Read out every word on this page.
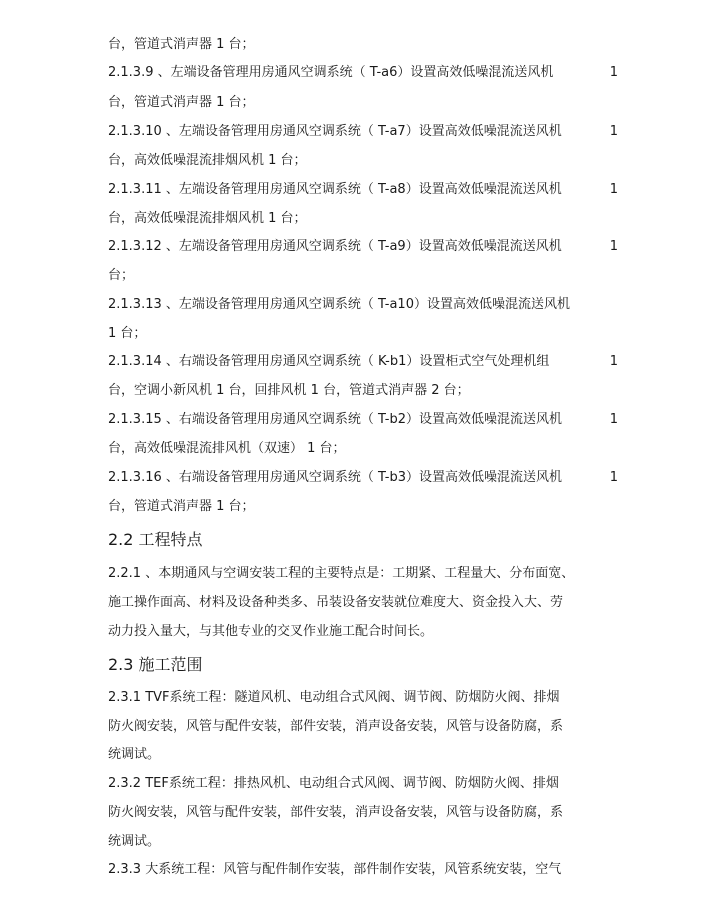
台，管道式消声器 1 台；
2.1.3.9 、左端设备管理用房通风空调系统（ T-a6）设置高效低噪混流送风机	1
台，管道式消声器 1 台；
2.1.3.10 、左端设备管理用房通风空调系统（ T-a7）设置高效低噪混流送风机	1
台，高效低噪混流排烟风机 1 台；
2.1.3.11 、左端设备管理用房通风空调系统（ T-a8）设置高效低噪混流送风机	1
台，高效低噪混流排烟风机 1 台；
2.1.3.12 、左端设备管理用房通风空调系统（ T-a9）设置高效低噪混流送风机	1
台；
2.1.3.13 、左端设备管理用房通风空调系统（ T-a10）设置高效低噪混流送风机
1 台；
2.1.3.14 、右端设备管理用房通风空调系统（ K-b1）设置柜式空气处理机组	1
台，空调小新风机 1 台，回排风机 1 台，管道式消声器 2 台；
2.1.3.15 、右端设备管理用房通风空调系统（ T-b2）设置高效低噪混流送风机	1
台，高效低噪混流排风机（双速） 1 台；
2.1.3.16 、右端设备管理用房通风空调系统（ T-b3）设置高效低噪混流送风机	1
台，管道式消声器 1 台；
2.2 工程特点
2.2.1 、本期通风与空调安装工程的主要特点是：工期紧、工程量大、分布面宽、
施工操作面高、材料及设备种类多、吊装设备安装就位难度大、资金投入大、劳
动力投入量大，与其他专业的交叉作业施工配合时间长。
2.3 施工范围
2.3.1 TVF系统工程：隧道风机、电动组合式风阀、调节阀、防烟防火阀、排烟
防火阀安装，风管与配件安装，部件安装，消声设备安装，风管与设备防腐，系
统调试。
2.3.2 TEF系统工程：排热风机、电动组合式风阀、调节阀、防烟防火阀、排烟
防火阀安装，风管与配件安装，部件安装，消声设备安装，风管与设备防腐，系
统调试。
2.3.3 大系统工程：风管与配件制作安装，部件制作安装，风管系统安装，空气
